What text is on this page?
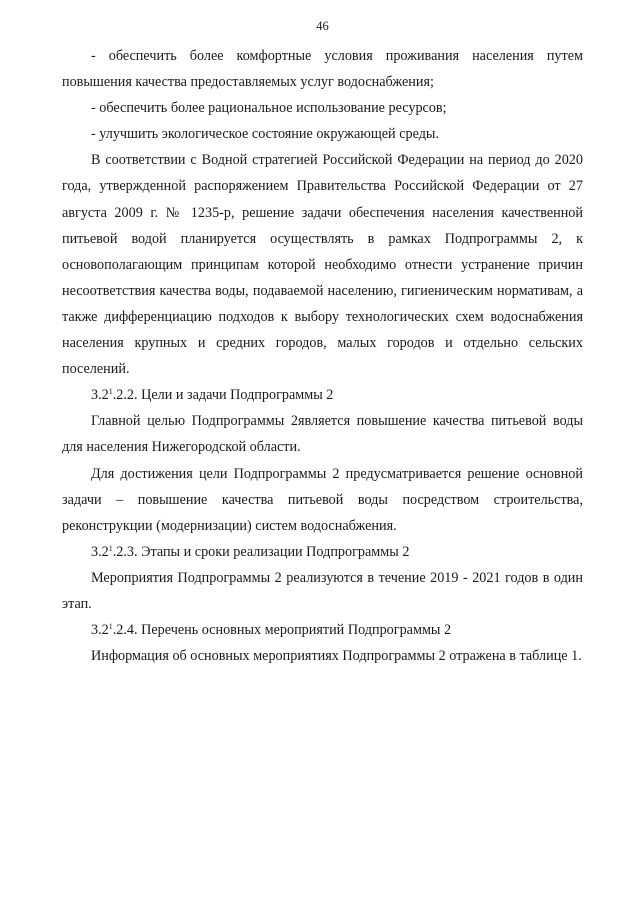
46

- обеспечить более комфортные условия проживания населения путем повышения качества предоставляемых услуг водоснабжения;

- обеспечить более рациональное использование ресурсов;

- улучшить экологическое состояние окружающей среды.

В соответствии с Водной стратегией Российской Федерации на период до 2020 года, утвержденной распоряжением Правительства Российской Федерации от 27 августа 2009 г. № 1235-р, решение задачи обеспечения населения качественной питьевой водой планируется осуществлять в рамках Подпрограммы 2, к основополагающим принципам которой необходимо отнести устранение причин несоответствия качества воды, подаваемой населению, гигиеническим нормативам, а также дифференциацию подходов к выбору технологических схем водоснабжения населения крупных и средних городов, малых городов и отдельно сельских поселений.

$3.2^1.2.2$. Цели и задачи Подпрограммы 2

Главной целью Подпрограммы 2является повышение качества питьевой воды для населения Нижегородской области.

Для достижения цели Подпрограммы 2 предусматривается решение основной задачи – повышение качества питьевой воды посредством строительства, реконструкции (модернизации) систем водоснабжения.

$3.2^1.2.3$. Этапы и сроки реализации Подпрограммы 2

Мероприятия Подпрограммы 2 реализуются в течение 2019 - 2021 годов в один этап.

$3.2^1.2.4$. Перечень основных мероприятий Подпрограммы 2

Информация об основных мероприятиях Подпрограммы 2 отражена в таблице 1.
